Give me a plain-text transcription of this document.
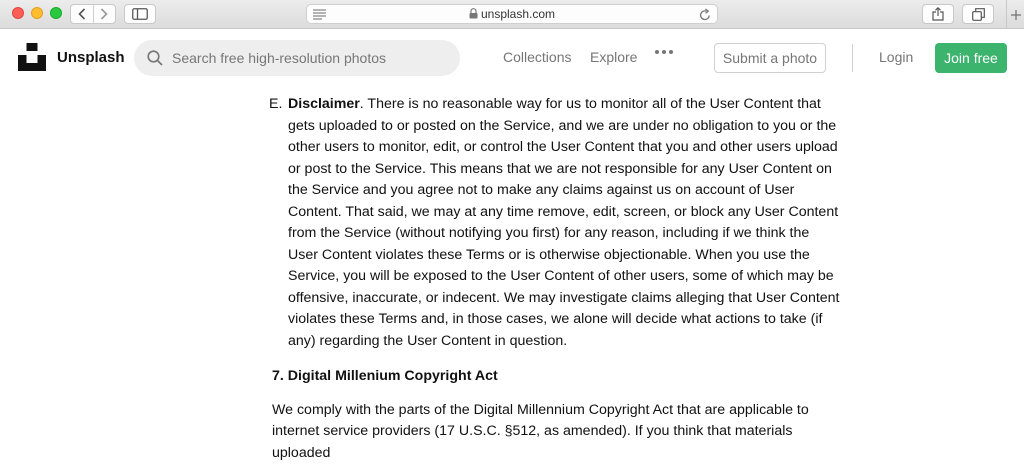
unsplash.com
Unsplash
Search free high-resolution photos	Collections Explore	Submit a photo	Login	Join free
E. Disclaimer. There is no reasonable way for us to monitor all of the User Content that gets uploaded to or posted on the Service, and we are under no obligation to you or the other users to monitor, edit, or control the User Content that you and other users upload or post to the Service. This means that we are not responsible for any User Content on the Service and you agree not to make any claims against us on account of User Content. That said, we may at any time remove, edit, screen, or block any User Content from the Service (without notifying you first) for any reason, including if we think the User Content violates these Terms or is otherwise objectionable. When you use the Service, you will be exposed to the User Content of other users, some of which may be offensive, inaccurate, or indecent. We may investigate claims alleging that User Content violates these Terms and, in those cases, we alone will decide what actions to take (if any) regarding the User Content in question.
7. Digital Millenium Copyright Act

We comply with the parts of the Digital Millennium Copyright Act that are applicable to internet service providers (17 U.S.C. §512, as amended). If you think that materials uploaded
